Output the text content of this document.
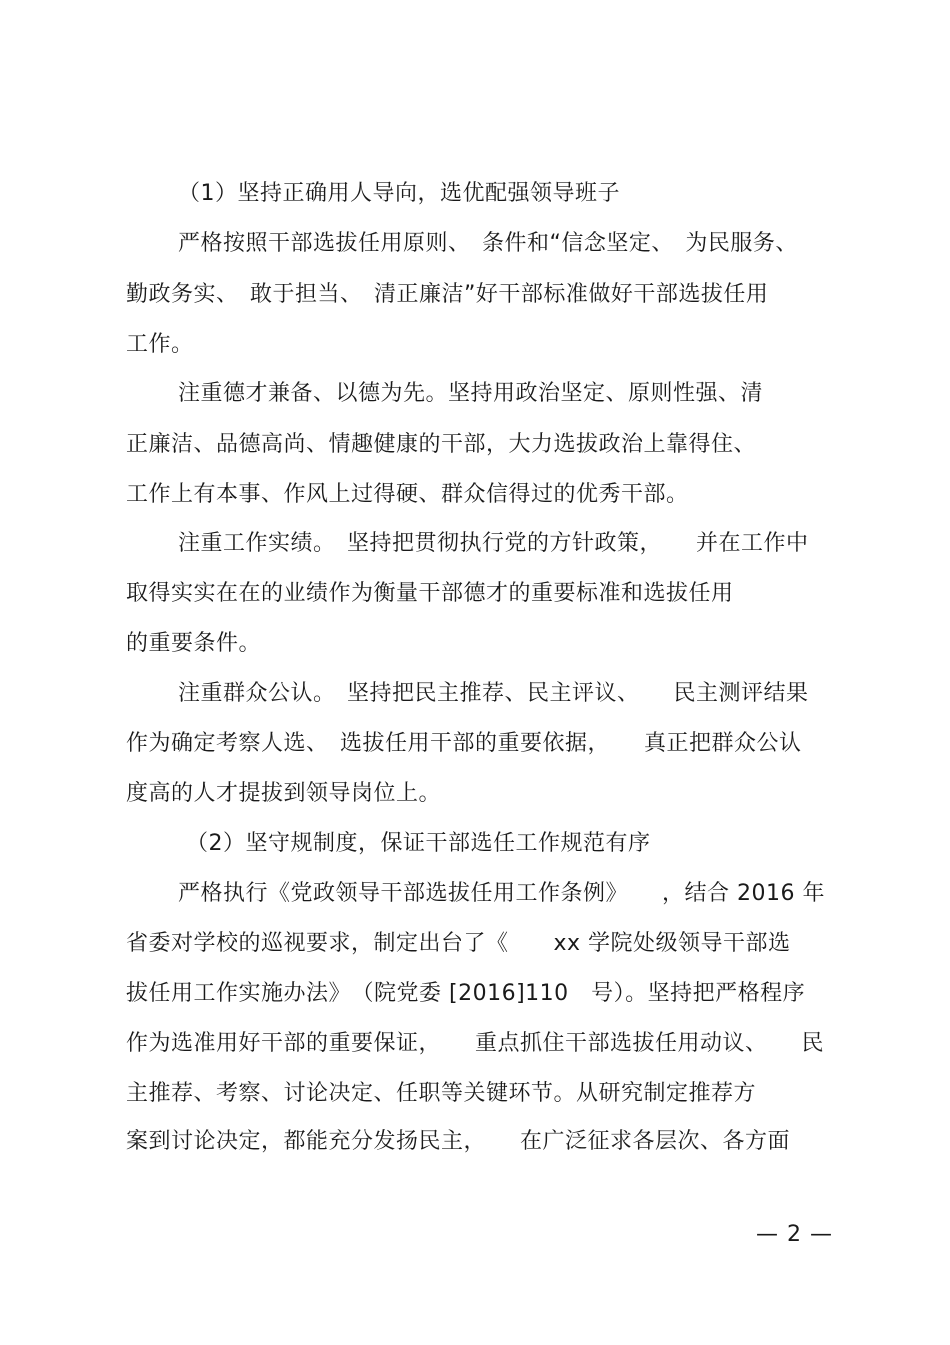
（1）坚持正确用人导向，选优配强领导班子
严格按照干部选拔任用原则、　条件和“信念坚定、　为民服务、
勤政务实、　敢于担当、　清正廉洁”好干部标准做好干部选拔任用
工作。
注重德才兼备、以德为先。坚持用政治坚定、原则性强、清
正廉洁、品德高尚、情趣健康的干部，大力选拔政治上靠得住、
工作上有本事、作风上过得硬、群众信得过的优秀干部。
注重工作实绩。　坚持把贯彻执行党的方针政策，　　并在工作中
取得实实在在的业绩作为衡量干部德才的重要标准和选拔任用
的重要条件。
注重群众公认。　坚持把民主推荐、民主评议、　　民主测评结果
作为确定考察人选、　选拔任用干部的重要依据，　　真正把群众公认
度高的人才提拔到领导岗位上。
（2）坚守规制度，保证干部选任工作规范有序
严格执行《党政领导干部选拔任用工作条例》　　，结合 2016 年
省委对学校的巡视要求，制定出台了《　　xx 学院处级领导干部选
拔任用工作实施办法》　（院党委 [2016]110　号）。坚持把严格程序
作为选准用好干部的重要保证，　　重点抓住干部选拔任用动议、　　民
主推荐、考察、讨论决定、任职等关键环节。从研究制定推荐方
案到讨论决定，都能充分发扬民主，　　在广泛征求各层次、各方面
— 2 —
